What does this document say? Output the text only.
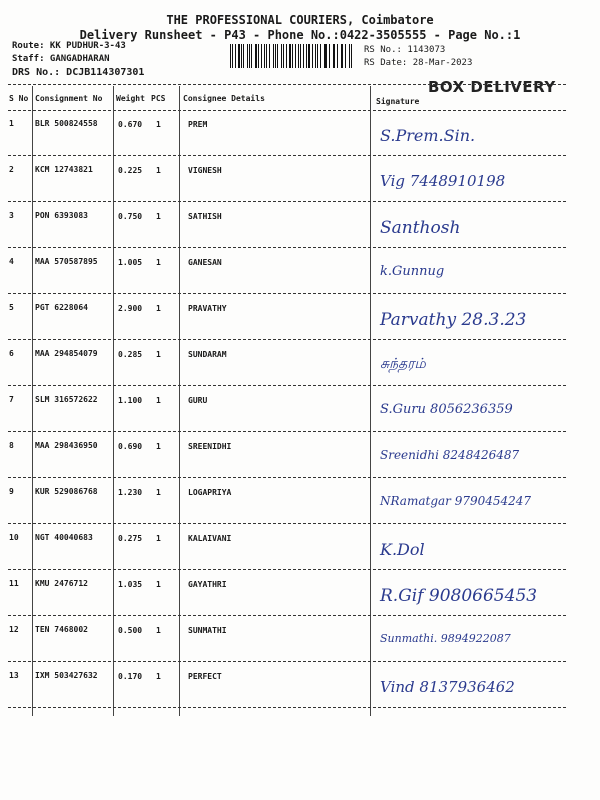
THE PROFESSIONAL COURIERS, Coimbatore
Delivery Runsheet - P43 - Phone No.:0422-3505555 - Page No.:1
Route: KK PUDHUR-3-43
Staff: GANGADHARAN
DRS No.: DCJB114307301
RS No.: 1143073
RS Date: 28-Mar-2023
BOX DELIVERY
S No Consignment No Weight PCS Consignee Details	Signature
1	BLR 500824558	0.670 1	PREM
S.Prem.Sin.
2	KCM 12743821	0.225 1	VIGNESH
Vig 7448910198
3	PON 6393083	0.750 1	SATHISH
Santhosh
4	MAA 570587895	1.005 1	GANESAN
k.Gunnug
5	PGT 6228064	2.900 1	PRAVATHY
Parvathy 28.3.23
6	MAA 294854079	0.285 1	SUNDARAM
சுந்தரம்
7	SLM 316572622	1.100 1	GURU
S.Guru 8056236359
8	MAA 298436950	0.690 1	SREENIDHI
Sreenidhi 8248426487
9	KUR 529086768	1.230 1	LOGAPRIYA
NRamatgar 9790454247
10 NGT 40040683	0.275 1	KALAIVANI
K.Dol
11 KMU 2476712	1.035 1	GAYATHRI
R.Gif 9080665453
12 TEN 7468002	0.500 1	SUNMATHI
Sunmathi. 9894922087
13 IXM 503427632	0.170 1	PERFECT
Vind 8137936462
